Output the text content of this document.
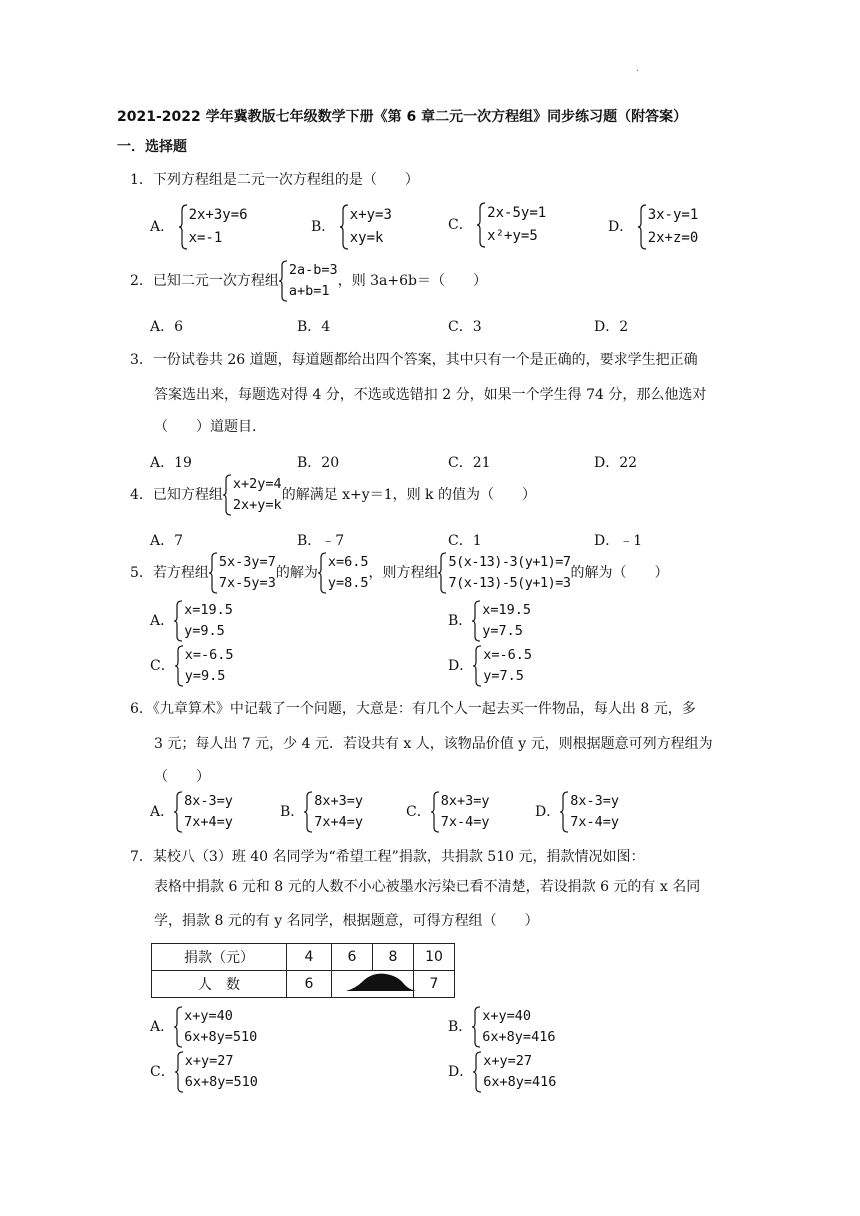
·
2021-2022 学年冀教版七年级数学下册《第 6 章二元一次方程组》同步练习题（附答案）
一．选择题
1．下列方程组是二元一次方程组的是（　　）
A．
2x+3y=6
x=-1
B．
x+y=3
xy=k
C．
2x-5y=1
x²+y=5
D．
3x-y=1
2x+z=0
2．已知二元一次方程组
2a-b=3
a+b=1
，则 3a+6b＝（　　）
A．6	B．4	C．3	D．2
3．一份试卷共 26 道题，每道题都给出四个答案，其中只有一个是正确的，要求学生把正确
答案选出来，每题选对得 4 分，不选或选错扣 2 分，如果一个学生得 74 分，那么他选对
（　　）道题目．
A．19	B．20	C．21	D．22
4．已知方程组
x+2y=4
2x+y=k
的解满足 x+y＝1，则 k 的值为（　　）
A．7	B．﹣7	C．1	D．﹣1
5．若方程组
5x-3y=7
7x-5y=3
的解为
x=6.5
y=8.5
，则方程组
5(x-13)-3(y+1)=7
7(x-13)-5(y+1)=3
的解为（　　）
A．
x=19.5
y=9.5
B．
x=19.5
y=7.5
C．
x=-6.5
y=9.5
D．
x=-6.5
y=7.5
6．《九章算术》中记载了一个问题，大意是：有几个人一起去买一件物品，每人出 8 元，多
3 元；每人出 7 元，少 4 元．若设共有 x 人，该物品价值 y 元，则根据题意可列方程组为
（　　）
A．
8x-3=y
7x+4=y
B．
8x+3=y
7x+4=y
C．
8x+3=y
7x-4=y
D．
8x-3=y
7x-4=y
7．某校八（3）班 40 名同学为“希望工程”捐款，共捐款 510 元，捐款情况如图：
表格中捐款 6 元和 8 元的人数不小心被墨水污染已看不清楚，若设捐款 6 元的有 x 名同
学，捐款 8 元的有 y 名同学，根据题意，可得方程组（　　）
捐款（元）	4	6	8	10
人　数	6			7
A．
x+y=40
6x+8y=510
B．
x+y=40
6x+8y=416
C．
x+y=27
6x+8y=510
D．
x+y=27
6x+8y=416
